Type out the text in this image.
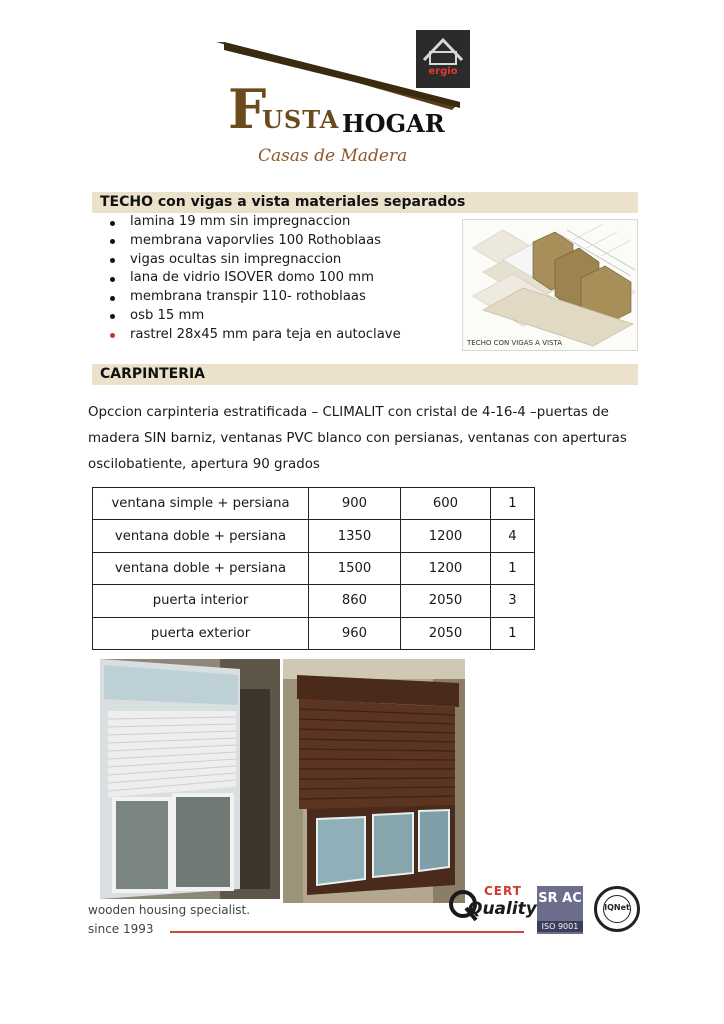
F
USTA HOGAR
Casas de Madera
ergio
TECHO con vigas a vista materiales separados
lamina 19 mm sin impregnaccion
membrana vaporvlies 100 Rothoblaas
vigas ocultas sin impregnaccion
lana de vidrio ISOVER domo 100 mm
membrana transpir 110- rothoblaas
osb 15 mm
rastrel 28x45 mm para teja en autoclave
TECHO CON VIGAS A VISTA
CARPINTERIA

Opccion carpinteria estratificada – CLIMALIT con cristal de 4-16-4 –puertas de madera SIN barniz, ventanas PVC blanco con persianas, ventanas con aperturas oscilobatiente, apertura 90 grados

ventana simple + persiana	900	600	1
ventana doble + persiana	1350	1200	4
ventana doble + persiana	1500	1200	1
puerta interior	860	2050	3
puerta exterior	960	2050	1
wooden housing specialist.
since 1993
CERT
Quality
SR AC
ISO 9001
IQNet
